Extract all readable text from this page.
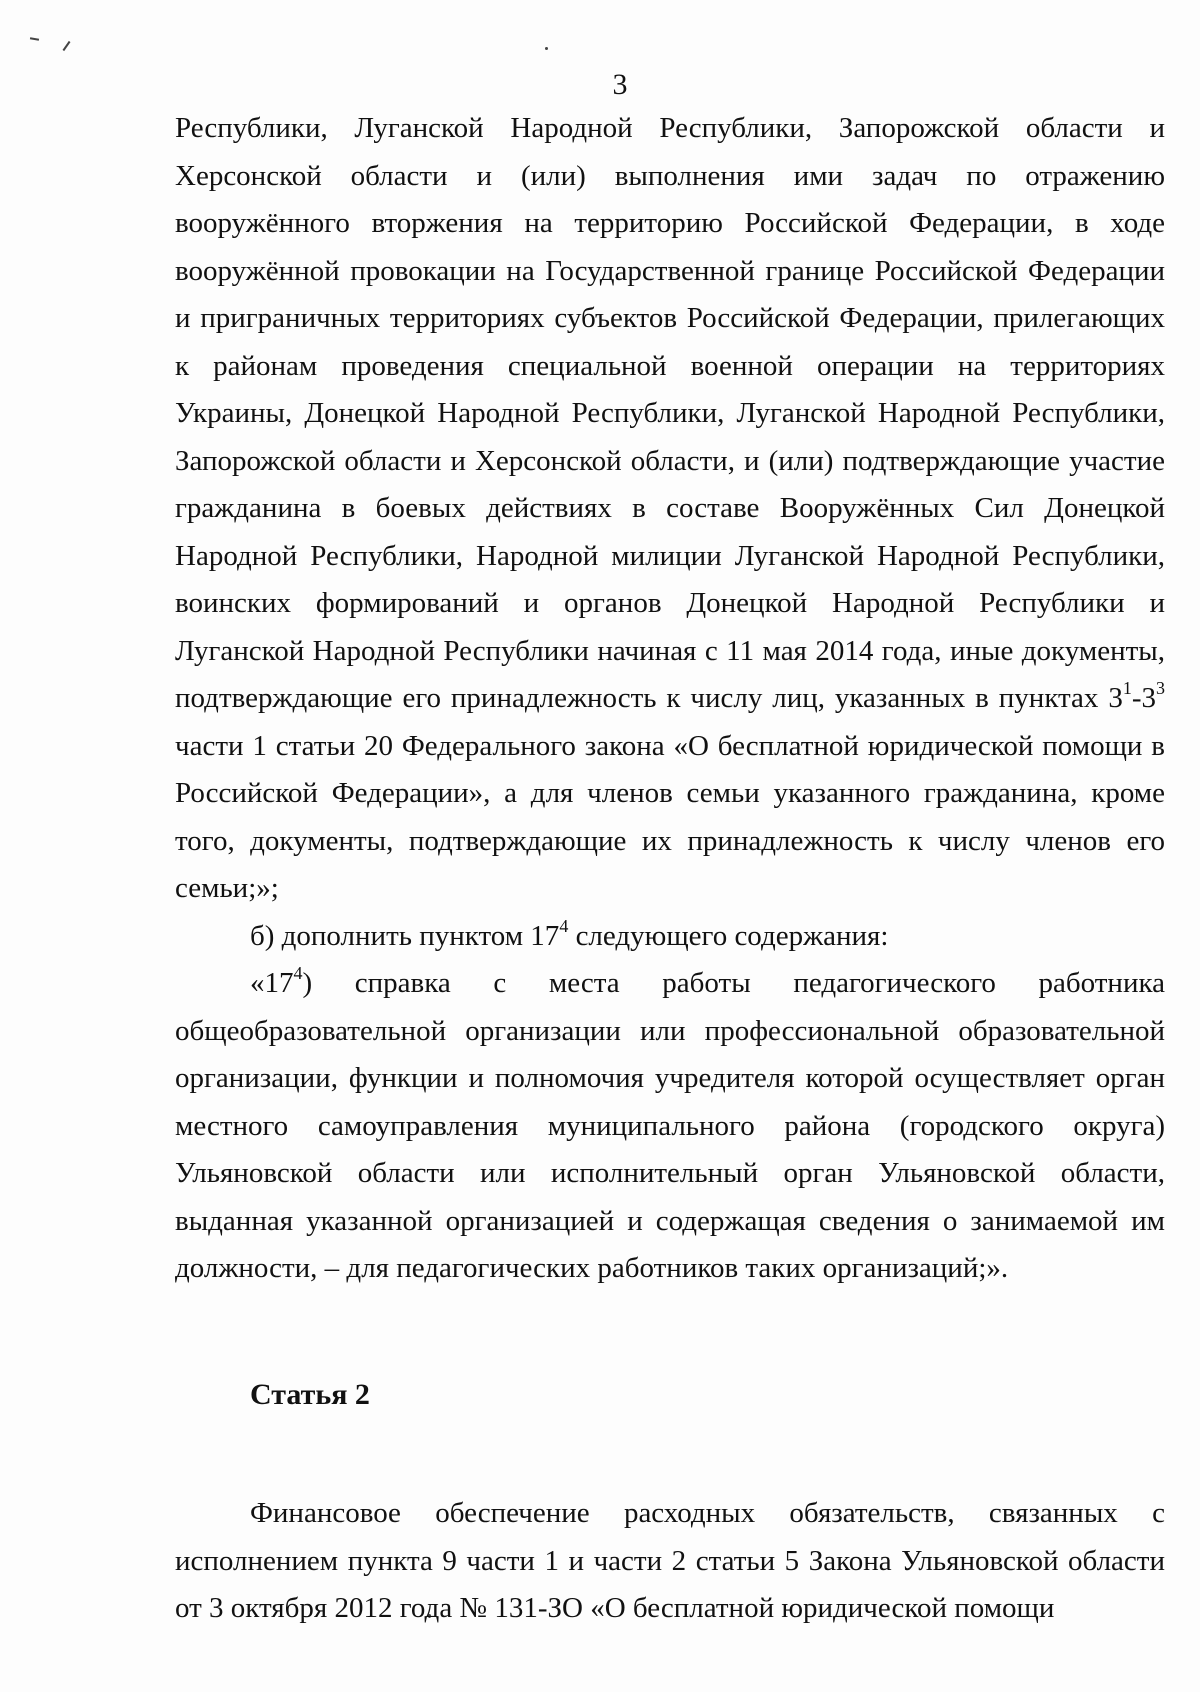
3

Республики, Луганской Народной Республики, Запорожской области и Херсонской области и (или) выполнения ими задач по отражению вооружённого вторжения на территорию Российской Федерации, в ходе вооружённой провокации на Государственной границе Российской Федерации и приграничных территориях субъектов Российской Федерации, прилегающих к районам проведения специальной военной операции на территориях Украины, Донецкой Народной Республики, Луганской Народной Республики, Запорожской области и Херсонской области, и (или) подтверждающие участие гражданина в боевых действиях в составе Вооружённых Сил Донецкой Народной Республики, Народной милиции Луганской Народной Республики, воинских формирований и органов Донецкой Народной Республики и Луганской Народной Республики начиная с 11 мая 2014 года, иные документы, подтверждающие его принадлежность к числу лиц, указанных в пунктах $3^1-3^3$ части 1 статьи 20 Федерального закона «О бесплатной юридической помощи в Российской Федерации», а для членов семьи указанного гражданина, кроме того, документы, подтверждающие их принадлежность к числу членов его семьи;»;

б) дополнить пунктом $17^4$ следующего содержания:

«$17^4$) справка с места работы педагогического работника общеобразовательной организации или профессиональной образовательной организации, функции и полномочия учредителя которой осуществляет орган местного самоуправления муниципального района (городского округа) Ульяновской области или исполнительный орган Ульяновской области, выданная указанной организацией и содержащая сведения о занимаемой им должности, – для педагогических работников таких организаций;».

Статья 2

Финансовое обеспечение расходных обязательств, связанных с исполнением пункта 9 части 1 и части 2 статьи 5 Закона Ульяновской области от 3 октября 2012 года № 131-ЗО «О бесплатной юридической помощи
